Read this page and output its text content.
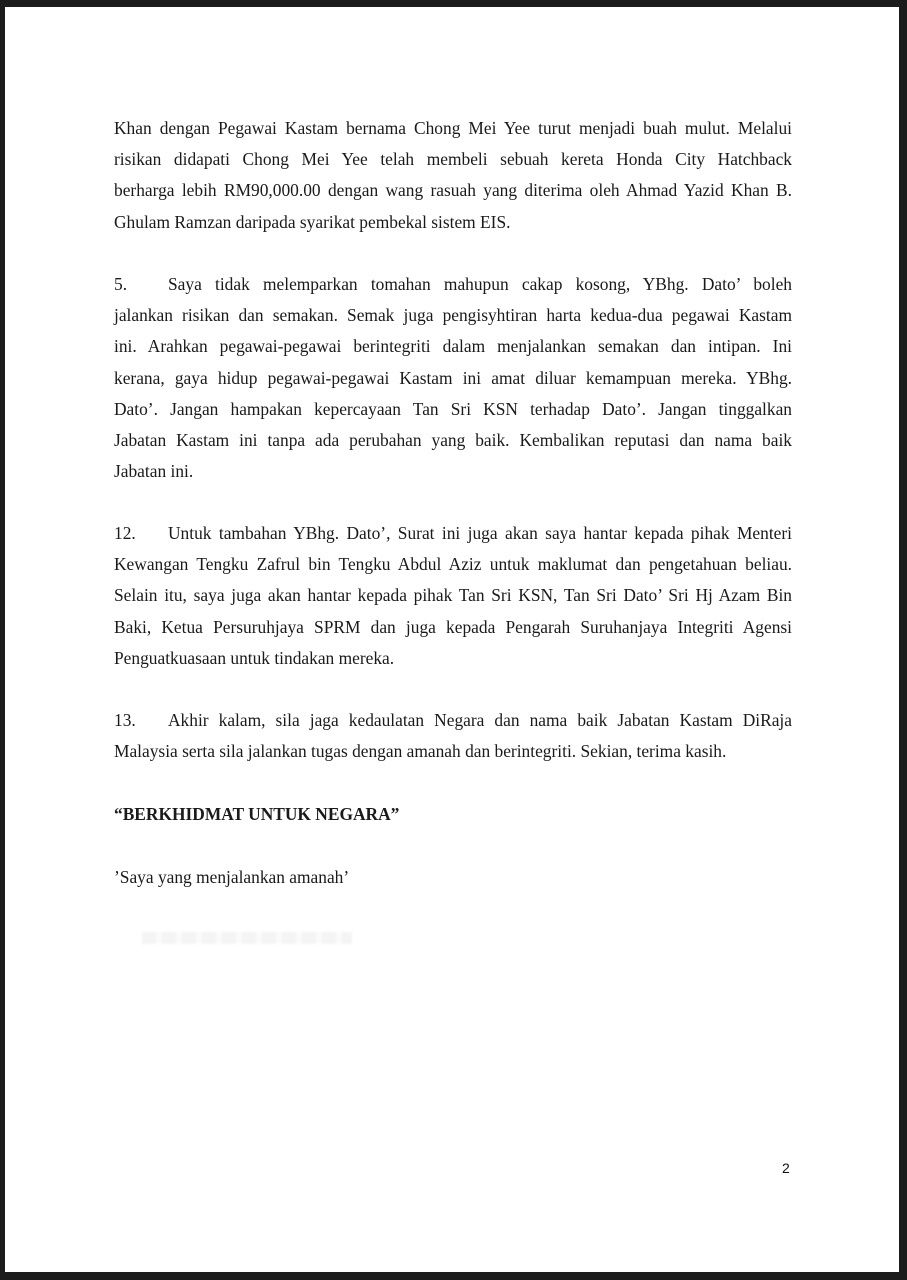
Khan dengan Pegawai Kastam bernama Chong Mei Yee turut menjadi buah mulut. Melalui
risikan didapati Chong Mei Yee telah membeli sebuah kereta Honda City Hatchback
berharga lebih RM90,000.00 dengan wang rasuah yang diterima oleh Ahmad Yazid Khan B.
Ghulam Ramzan daripada syarikat pembekal sistem EIS.
5. Saya tidak melemparkan tomahan mahupun cakap kosong, YBhg. Dato’ boleh
jalankan risikan dan semakan. Semak juga pengisyhtiran harta kedua-dua pegawai Kastam
ini. Arahkan pegawai-pegawai berintegriti dalam menjalankan semakan dan intipan. Ini
kerana, gaya hidup pegawai-pegawai Kastam ini amat diluar kemampuan mereka. YBhg.
Dato’. Jangan hampakan kepercayaan Tan Sri KSN terhadap Dato’. Jangan tinggalkan
Jabatan Kastam ini tanpa ada perubahan yang baik. Kembalikan reputasi dan nama baik
Jabatan ini.
12. Untuk tambahan YBhg. Dato’, Surat ini juga akan saya hantar kepada pihak Menteri
Kewangan Tengku Zafrul bin Tengku Abdul Aziz untuk maklumat dan pengetahuan beliau.
Selain itu, saya juga akan hantar kepada pihak Tan Sri KSN, Tan Sri Dato’ Sri Hj Azam Bin
Baki, Ketua Persuruhjaya SPRM dan juga kepada Pengarah Suruhanjaya Integriti Agensi
Penguatkuasaan untuk tindakan mereka.
13. Akhir kalam, sila jaga kedaulatan Negara dan nama baik Jabatan Kastam DiRaja
Malaysia serta sila jalankan tugas dengan amanah dan berintegriti. Sekian, terima kasih.
“BERKHIDMAT UNTUK NEGARA”
’Saya yang menjalankan amanah’
2
